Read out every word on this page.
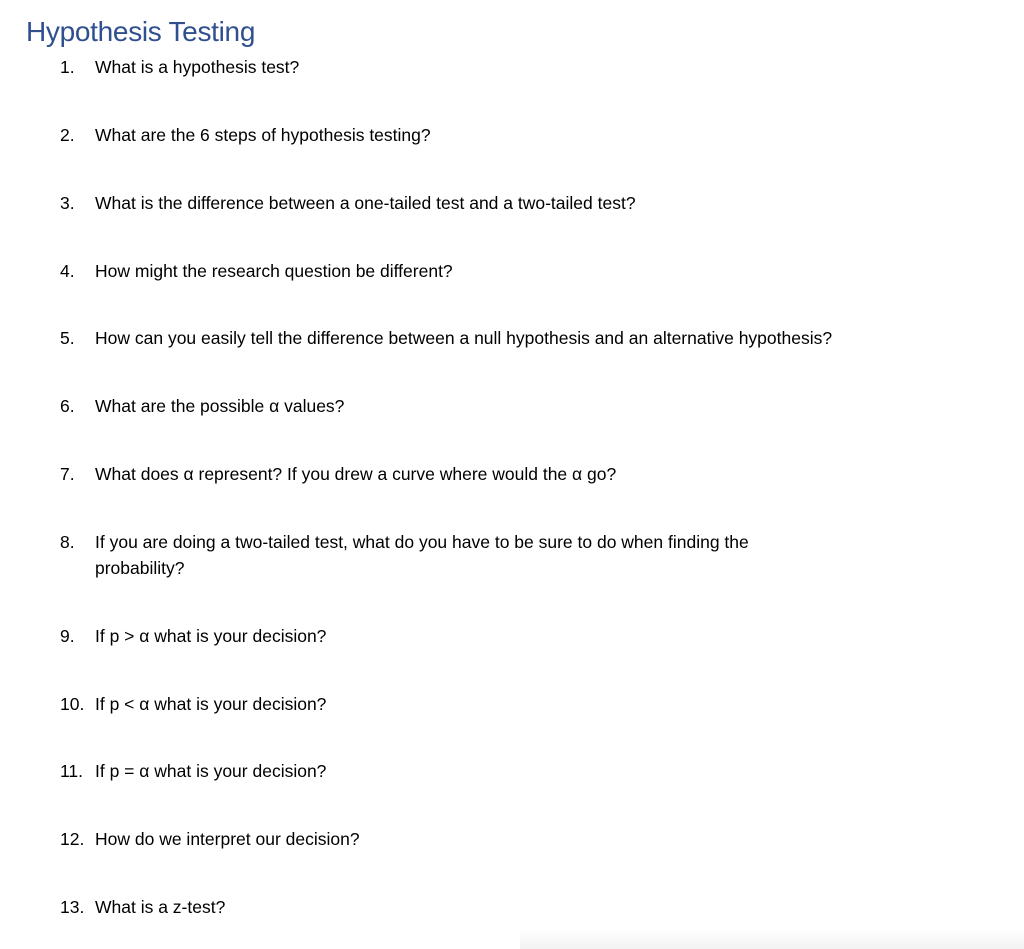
Hypothesis Testing
1. What is a hypothesis test?
2. What are the 6 steps of hypothesis testing?
3. What is the difference between a one-tailed test and a two-tailed test?
4. How might the research question be different?
5. How can you easily tell the difference between a null hypothesis and an alternative hypothesis?
6. What are the possible α values?
7. What does α represent? If you drew a curve where would the α go?
8. If you are doing a two-tailed test, what do you have to be sure to do when finding the probability?
9. If p > α what is your decision?
10. If p < α what is your decision?
11. If p = α what is your decision?
12. How do we interpret our decision?
13. What is a z-test?
